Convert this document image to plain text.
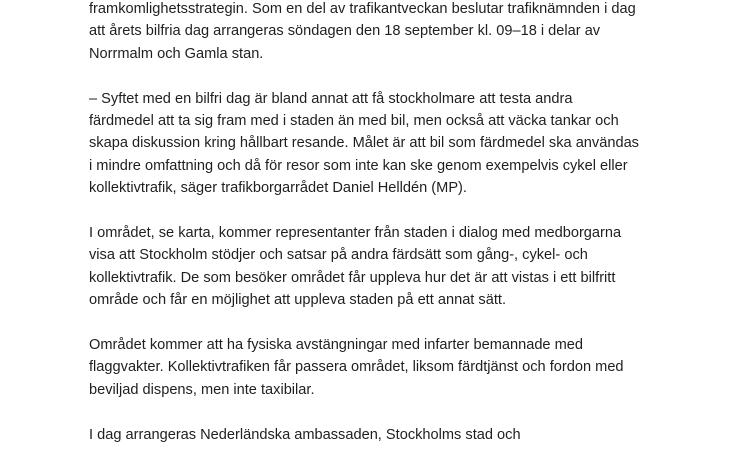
framkomlighetsstrategin. Som en del av trafikantveckan beslutar trafiknämnden i dag
att årets bilfria dag arrangeras söndagen den 18 september kl. 09–18 i delar av
Norrmalm och Gamla stan.

– Syftet med en bilfri dag är bland annat att få stockholmare att testa andra
färdmedel att ta sig fram med i staden än med bil, men också att väcka tankar och
skapa diskussion kring hållbart resande. Målet är att bil som färdmedel ska användas
i mindre omfattning och då för resor som inte kan ske genom exempelvis cykel eller
kollektivtrafik, säger trafikborgarrådet Daniel Helldén (MP).

I området, se karta, kommer representanter från staden i dialog med medborgarna
visa att Stockholm stödjer och satsar på andra färdsätt som gång-, cykel- och
kollektivtrafik. De som besöker området får uppleva hur det är att vistas i ett bilfritt
område och får en möjlighet att uppleva staden på ett annat sätt.

Området kommer att ha fysiska avstängningar med infarter bemannade med
flaggvakter. Kollektivtrafiken får passera området, liksom färdtjänst och fordon med
beviljad dispens, men inte taxibilar.

I dag arrangeras Nederländska ambassaden, Stockholms stad och
